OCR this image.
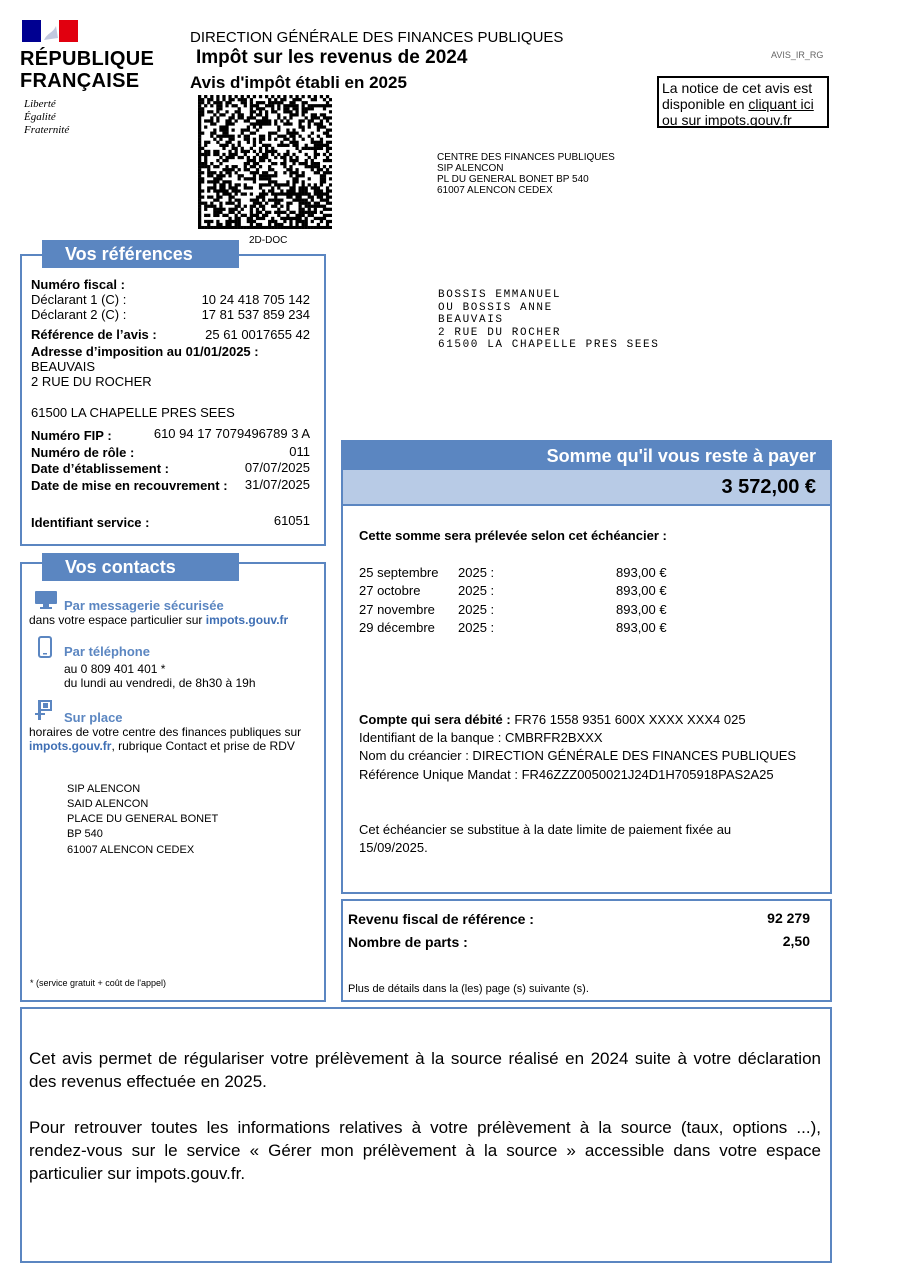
RÉPUBLIQUE
FRANÇAISE
Liberté
Égalité
Fraternité
DIRECTION GÉNÉRALE DES FINANCES PUBLIQUES
Impôt sur les revenus de 2024
Avis d'impôt établi en 2025
AVIS_IR_RG
La notice de cet avis est
disponible en cliquant ici
ou sur impots.gouv.fr
2D-DOC
CENTRE DES FINANCES PUBLIQUES
SIP ALENCON
PL DU GENERAL BONET BP 540
61007 ALENCON CEDEX
BOSSIS EMMANUEL
OU BOSSIS ANNE
BEAUVAIS
2 RUE DU ROCHER
61500 LA CHAPELLE PRES SEES
Vos références
Numéro fiscal :
Déclarant 1 (C) :	10 24 418 705 142
Déclarant 2 (C) :	17 81 537 859 234
Référence de l’avis :	25 61 0017655 42
Adresse d’imposition au 01/01/2025 :
BEAUVAIS
2 RUE DU ROCHER
61500 LA CHAPELLE PRES SEES
Numéro FIP :	610 94 17 7079496789 3 A
Numéro de rôle :	011
Date d’établissement :	07/07/2025
Date de mise en recouvrement : 31/07/2025
Identifiant service :	61051
Vos contacts
Par messagerie sécurisée
dans votre espace particulier sur impots.gouv.fr
Par téléphone
au 0 809 401 401 *
du lundi au vendredi, de 8h30 à 19h
Sur place
horaires de votre centre des finances publiques sur
impots.gouv.fr, rubrique Contact et prise de RDV
SIP ALENCON
SAID ALENCON
PLACE DU GENERAL BONET
BP 540
61007 ALENCON CEDEX
* (service gratuit + coût de l'appel)
Somme qu'il vous reste à payer
3 572,00 €
Cette somme sera prélevée selon cet échéancier :
25 septembre 2025 :	893,00 €
27 octobre	2025 :	893,00 €
27 novembre 2025 :	893,00 €
29 décembre 2025 :	893,00 €
Compte qui sera débité : FR76 1558 9351 600X XXXX XXX4 025
Identifiant de la banque : CMBRFR2BXXX
Nom du créancier : DIRECTION GÉNÉRALE DES FINANCES PUBLIQUES
Référence Unique Mandat : FR46ZZZ0050021J24D1H705918PAS2A25
Cet échéancier se substitue à la date limite de paiement fixée au
15/09/2025.
Revenu fiscal de référence :	92 279
Nombre de parts :	2,50
Plus de détails dans la (les) page (s) suivante (s).
Cet avis permet de régulariser votre prélèvement à la source réalisé en 2024 suite à votre déclaration des revenus effectuée en 2025.
Pour retrouver toutes les informations relatives à votre prélèvement à la source (taux, options ...), rendez-vous sur le service « Gérer mon prélèvement à la source » accessible dans votre espace particulier sur impots.gouv.fr.
